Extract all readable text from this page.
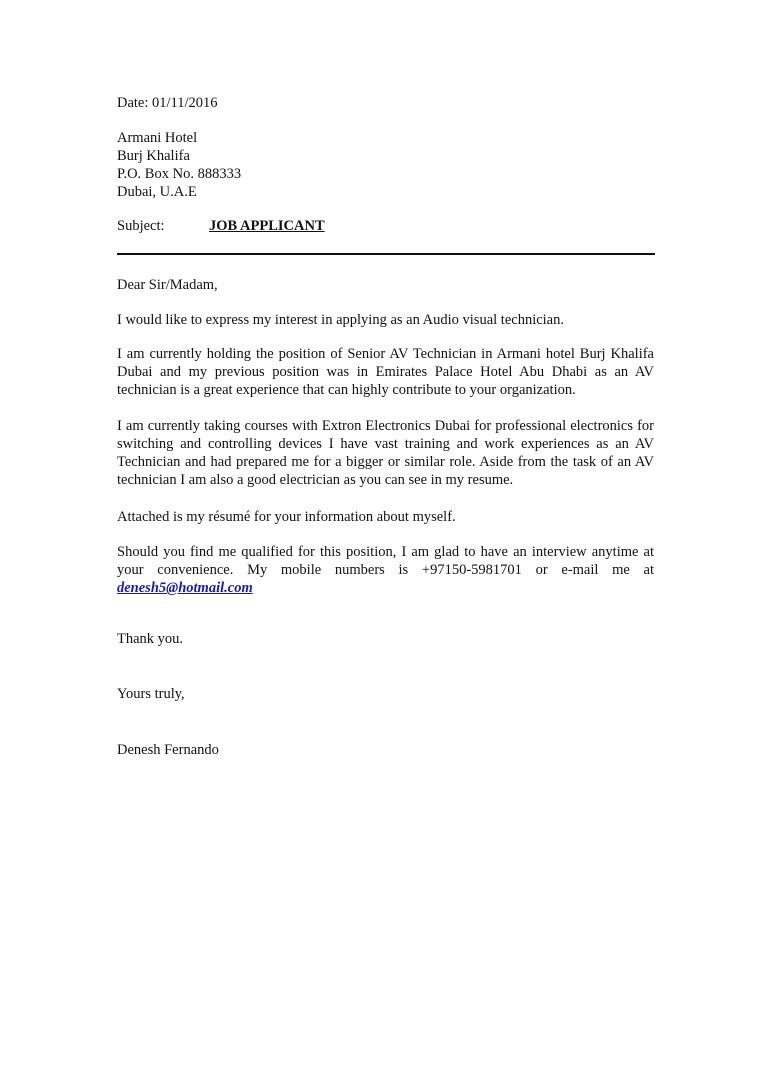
Date: 01/11/2016
Armani Hotel
Burj Khalifa
P.O. Box No. 888333
Dubai, U.A.E
Subject:	JOB APPLICANT
Dear Sir/Madam,
I would like to express my interest in applying as an Audio visual technician.
I am currently holding the position of Senior AV Technician in Armani hotel Burj Khalifa Dubai and my previous position was in Emirates Palace Hotel Abu Dhabi as an AV technician is a great experience that can highly contribute to your organization.
I am currently taking courses with Extron Electronics Dubai for professional electronics for switching and controlling devices I have vast training and work experiences as an AV Technician and had prepared me for a bigger or similar role. Aside from the task of an AV technician I am also a good electrician as you can see in my resume.
Attached is my résumé for your information about myself.
Should you find me qualified for this position, I am glad to have an interview anytime at your convenience. My mobile numbers is +97150-5981701 or e-mail me at denesh5@hotmail.com
Thank you.
Yours truly,
Denesh Fernando
